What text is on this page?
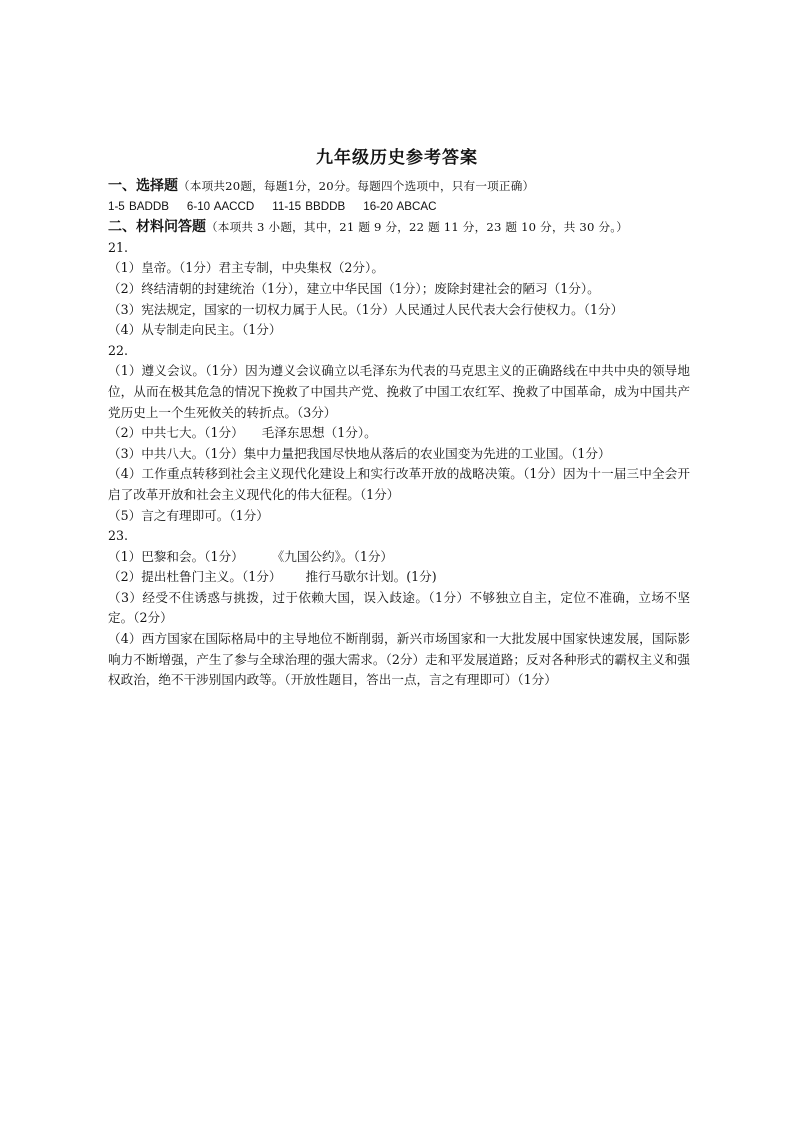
九年级历史参考答案
一、选择题（本项共20题，每题1分，20分。每题四个选项中，只有一项正确）
1-5 BADDB 6-10 AACCD 11-15 BBDDB 16-20 ABCAC
二、材料问答题（本项共 3 小题，其中，21 题 9 分，22 题 11 分，23 题 10 分，共 30 分。）
21.
（1）皇帝。（1分）君主专制，中央集权（2分）。
（2）终结清朝的封建统治（1分），建立中华民国（1分）；废除封建社会的陋习（1分）。
（3）宪法规定，国家的一切权力属于人民。（1分）人民通过人民代表大会行使权力。（1分）
（4）从专制走向民主。（1分）
22.
（1）遵义会议。（1分）因为遵义会议确立以毛泽东为代表的马克思主义的正确路线在中共中央的领导地位，从而在极其危急的情况下挽救了中国共产党、挽救了中国工农红军、挽救了中国革命，成为中国共产党历史上一个生死攸关的转折点。（3分）
（2）中共七大。（1分） 毛泽东思想（1分）。
（3）中共八大。（1分）集中力量把我国尽快地从落后的农业国变为先进的工业国。（1分）
（4）工作重点转移到社会主义现代化建设上和实行改革开放的战略决策。（1分）因为十一届三中全会开启了改革开放和社会主义现代化的伟大征程。（1分）
（5）言之有理即可。（1分）
23.
（1）巴黎和会。（1分） 《九国公约》。（1分）
（2）提出杜鲁门主义。（1分） 推行马歇尔计划。(1分)
（3）经受不住诱惑与挑拨，过于依赖大国，误入歧途。（1分）不够独立自主，定位不准确，立场不坚定。（2分）
（4）西方国家在国际格局中的主导地位不断削弱，新兴市场国家和一大批发展中国家快速发展，国际影响力不断增强，产生了参与全球治理的强大需求。（2分）走和平发展道路；反对各种形式的霸权主义和强权政治，绝不干涉别国内政等。（开放性题目，答出一点，言之有理即可）（1分）
